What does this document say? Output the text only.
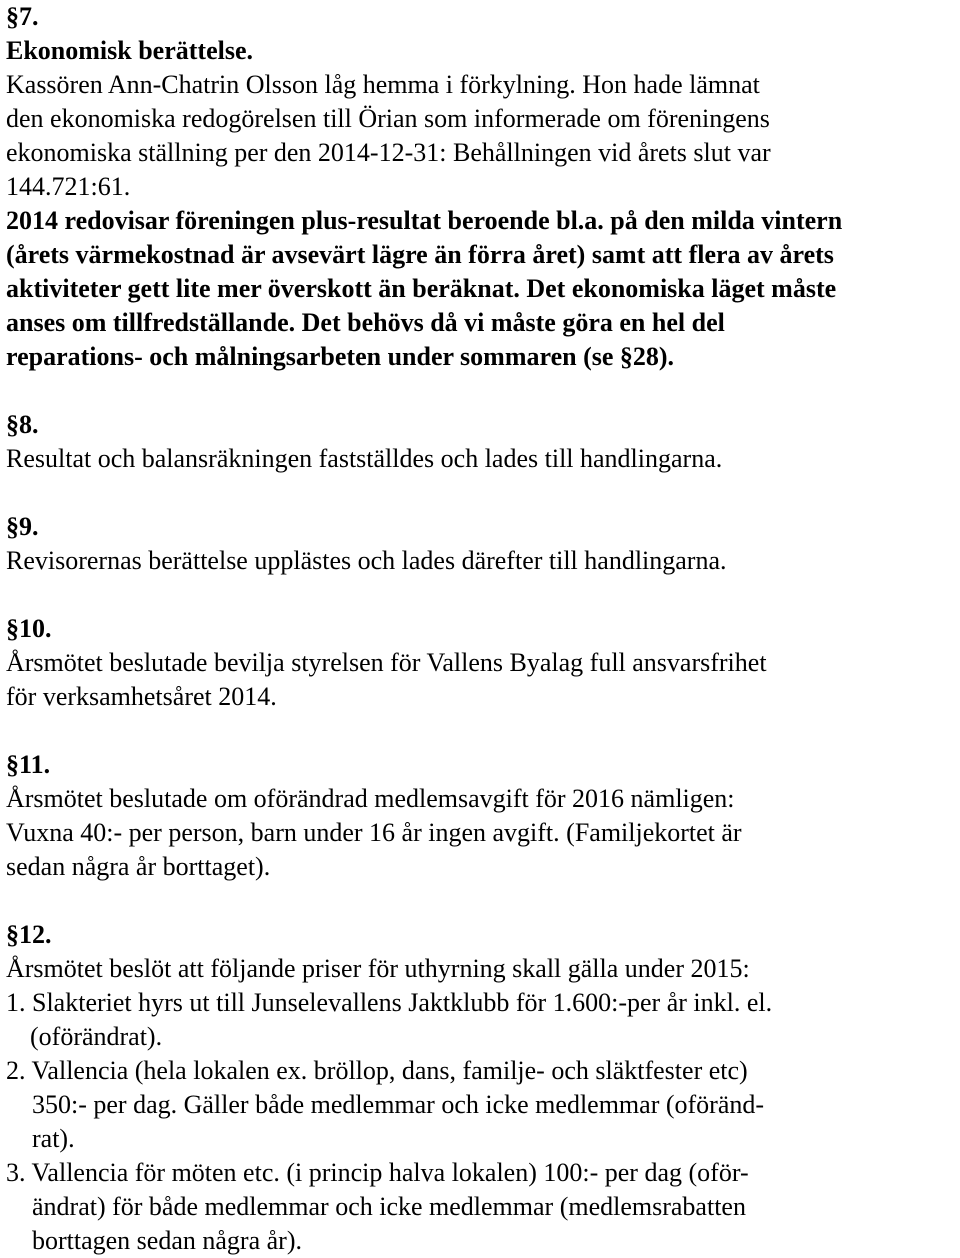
§7.
Ekonomisk berättelse.
Kassören Ann-Chatrin Olsson låg hemma i förkylning. Hon hade lämnat
den ekonomiska redogörelsen till Örian som informerade om föreningens
ekonomiska ställning per den 2014-12-31: Behållningen vid årets slut var
144.721:61.
2014 redovisar föreningen plus-resultat beroende bl.a. på den milda vintern
(årets värmekostnad är avsevärt lägre än förra året) samt att flera av årets
aktiviteter gett lite mer överskott än beräknat. Det ekonomiska läget måste
anses om tillfredställande. Det behövs då vi måste göra en hel del
reparations- och målningsarbeten under sommaren (se §28).
§8.
Resultat och balansräkningen fastställdes och lades till handlingarna.
§9.
Revisorernas berättelse upplästes och lades därefter till handlingarna.
§10.
Årsmötet beslutade bevilja styrelsen för Vallens Byalag full ansvarsfrihet
för verksamhetsåret 2014.
§11.
Årsmötet beslutade om oförändrad medlemsavgift för 2016 nämligen:
Vuxna 40:- per person, barn under 16 år ingen avgift. (Familjekortet är
sedan några år borttaget).
§12.
Årsmötet beslöt att följande priser för uthyrning skall gälla under 2015:
1. Slakteriet hyrs ut till Junselevallens Jaktklubb för 1.600:-per år inkl. el.
(oförändrat).
2. Vallencia (hela lokalen ex. bröllop, dans, familje- och släktfester etc)
350:- per dag. Gäller både medlemmar och icke medlemmar (oföränd-
rat).
3. Vallencia för möten etc. (i princip halva lokalen) 100:- per dag (oför-
ändrat) för både medlemmar och icke medlemmar (medlemsrabatten
borttagen sedan några år).
